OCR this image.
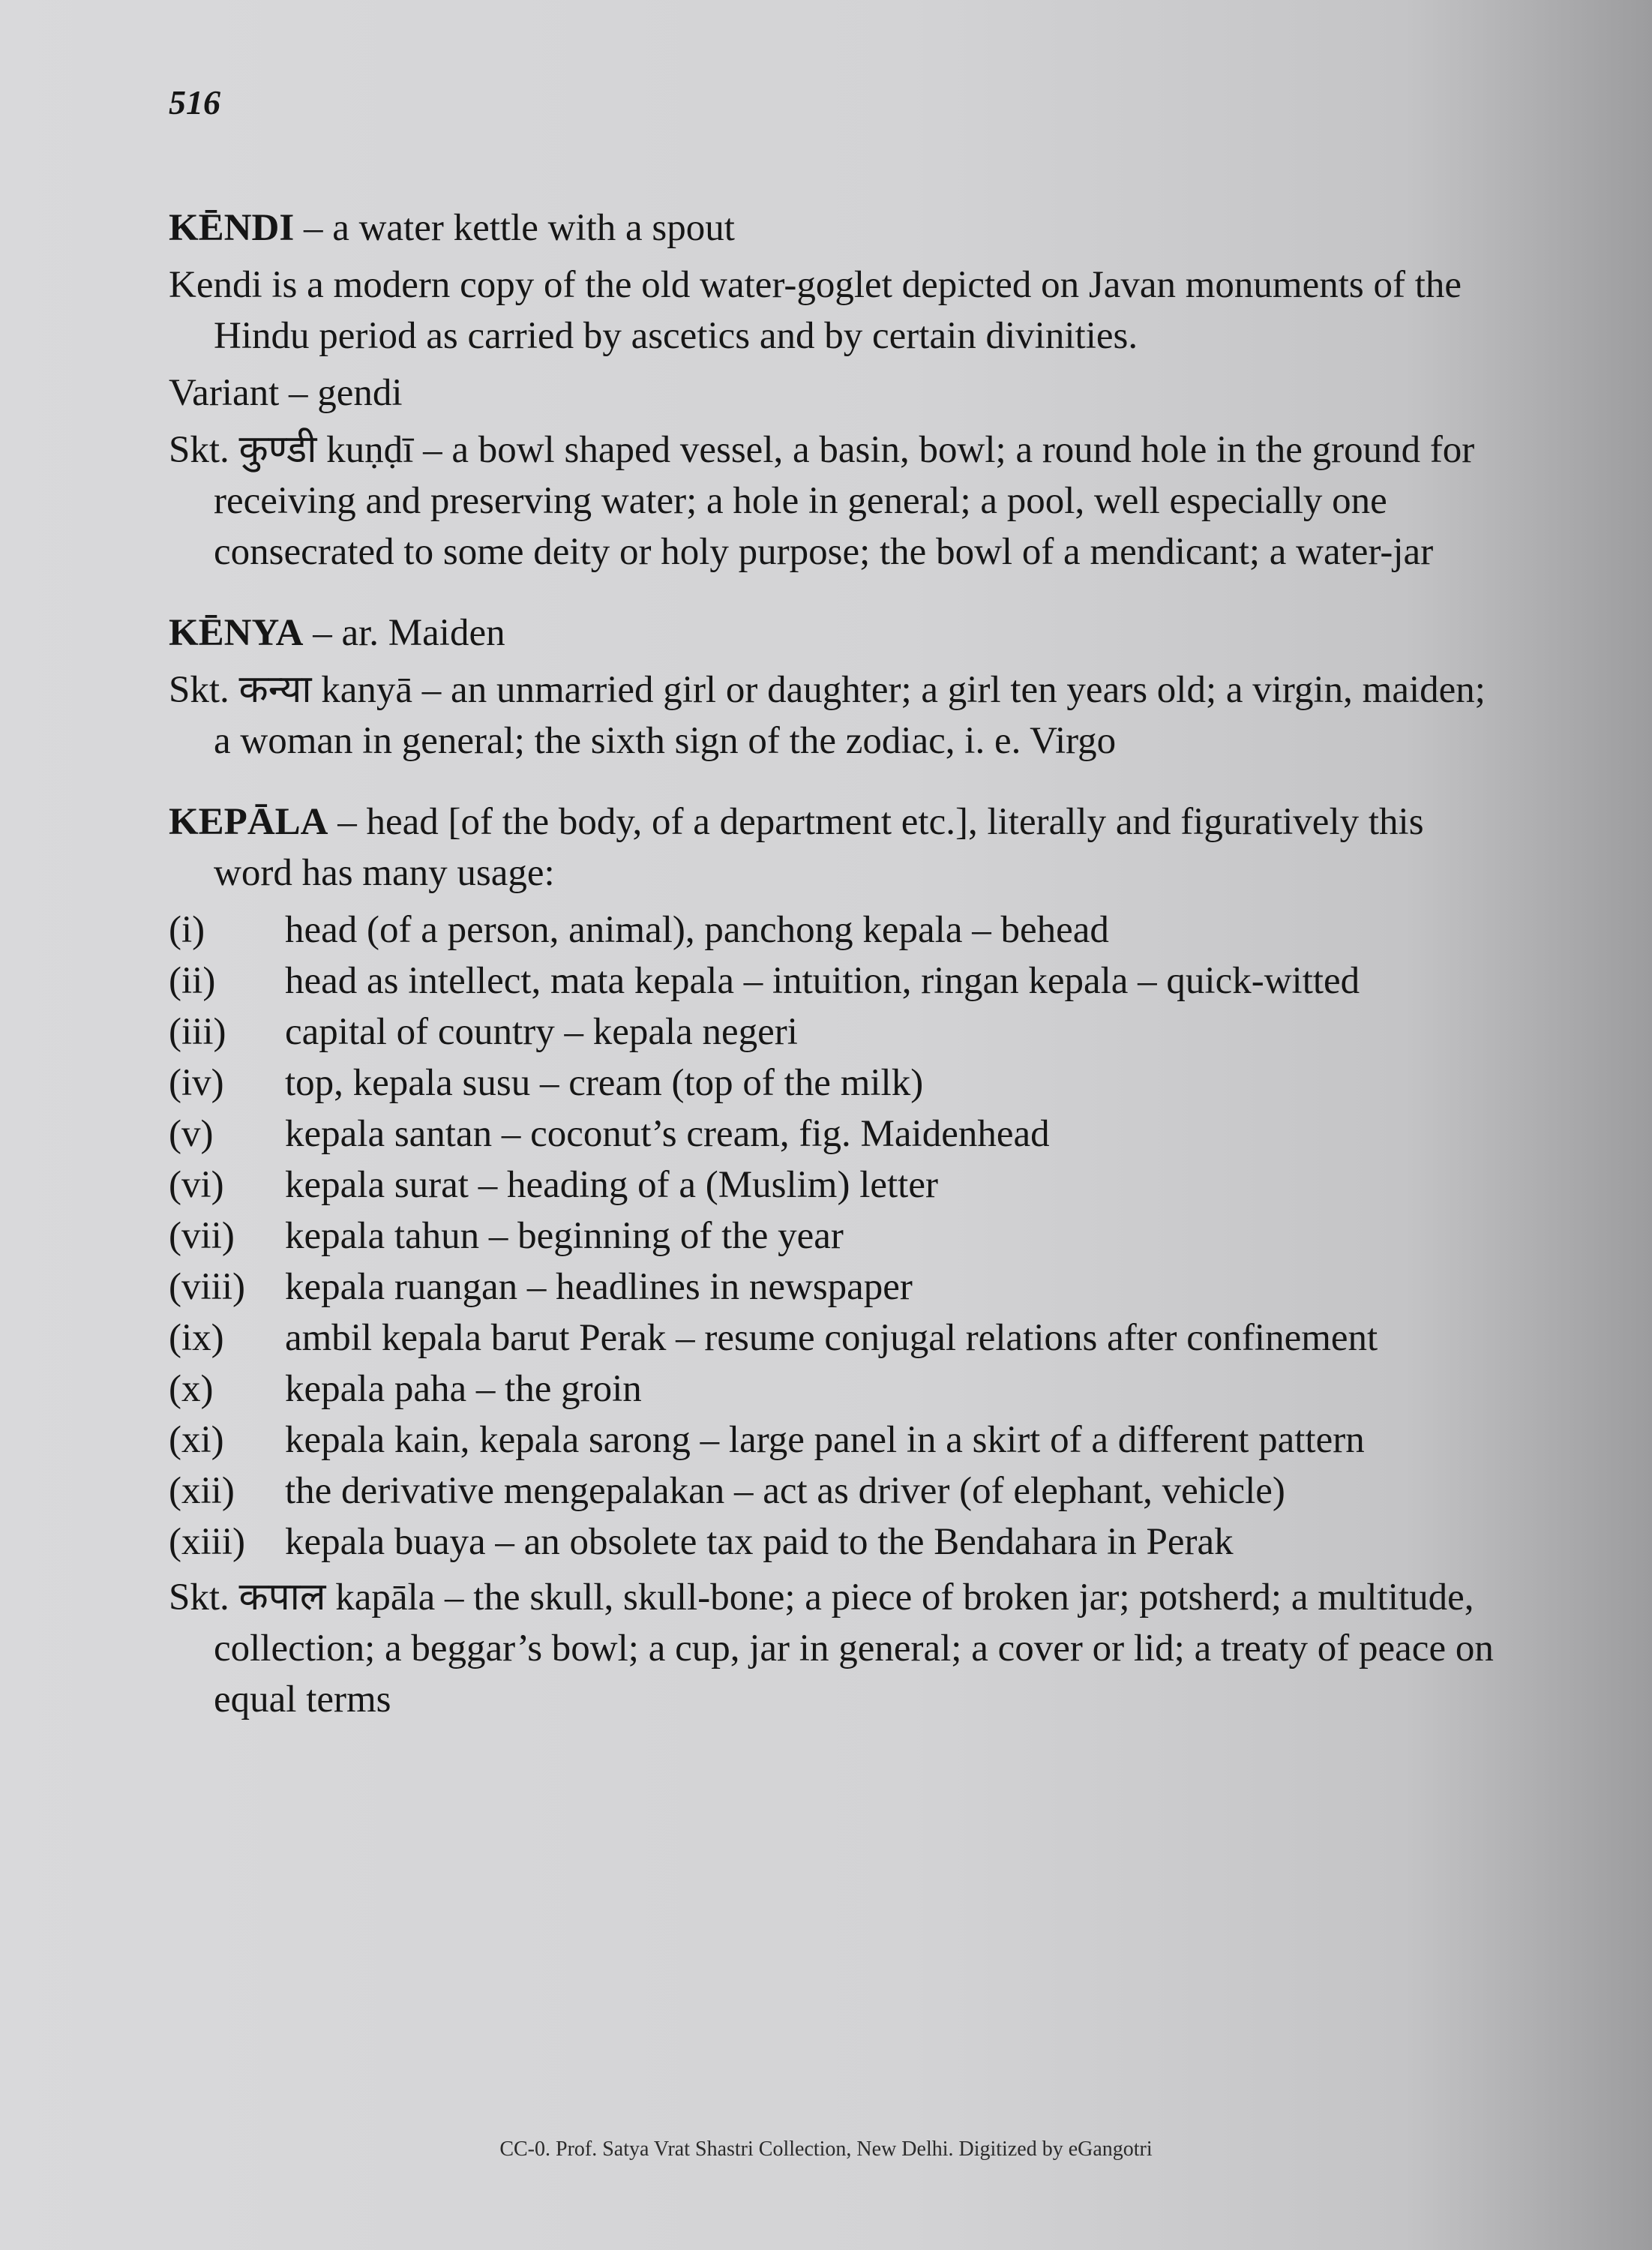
516

KĒNDI – a water kettle with a spout

Kendi is a modern copy of the old water-goglet depicted on Javan monuments of the Hindu period as carried by ascetics and by certain divinities.

Variant – gendi

Skt. कुण्डी kuṇḍī – a bowl shaped vessel, a basin, bowl; a round hole in the ground for receiving and preserving water; a hole in general; a pool, well especially one consecrated to some deity or holy purpose; the bowl of a mendicant; a water-jar

KĒNYA – ar. Maiden

Skt. कन्या kanyā – an unmarried girl or daughter; a girl ten years old; a virgin, maiden; a woman in general; the sixth sign of the zodiac, i. e. Virgo

KEPĀLA – head [of the body, of a department etc.], literally and figuratively this word has many usage:

(i)	head (of a person, animal), panchong kepala – behead
(ii)	head as intellect, mata kepala – intuition, ringan kepala – quick-witted
(iii)	capital of country – kepala negeri
(iv)	top, kepala susu – cream (top of the milk)
(v)	kepala santan – coconut’s cream, fig. Maidenhead
(vi)	kepala surat – heading of a (Muslim) letter
(vii)	kepala tahun – beginning of the year
(viii)	kepala ruangan – headlines in newspaper
(ix)	ambil kepala barut Perak – resume conjugal relations after confinement
(x)	kepala paha – the groin
(xi)	kepala kain, kepala sarong – large panel in a skirt of a different pattern
(xii)	the derivative mengepalakan – act as driver (of elephant, vehicle)
(xiii)	kepala buaya – an obsolete tax paid to the Bendahara in Perak

Skt. कपाल kapāla – the skull, skull-bone; a piece of broken jar; potsherd; a multitude, collection; a beggar’s bowl; a cup, jar in general; a cover or lid; a treaty of peace on equal terms

CC-0. Prof. Satya Vrat Shastri Collection, New Delhi. Digitized by eGangotri
